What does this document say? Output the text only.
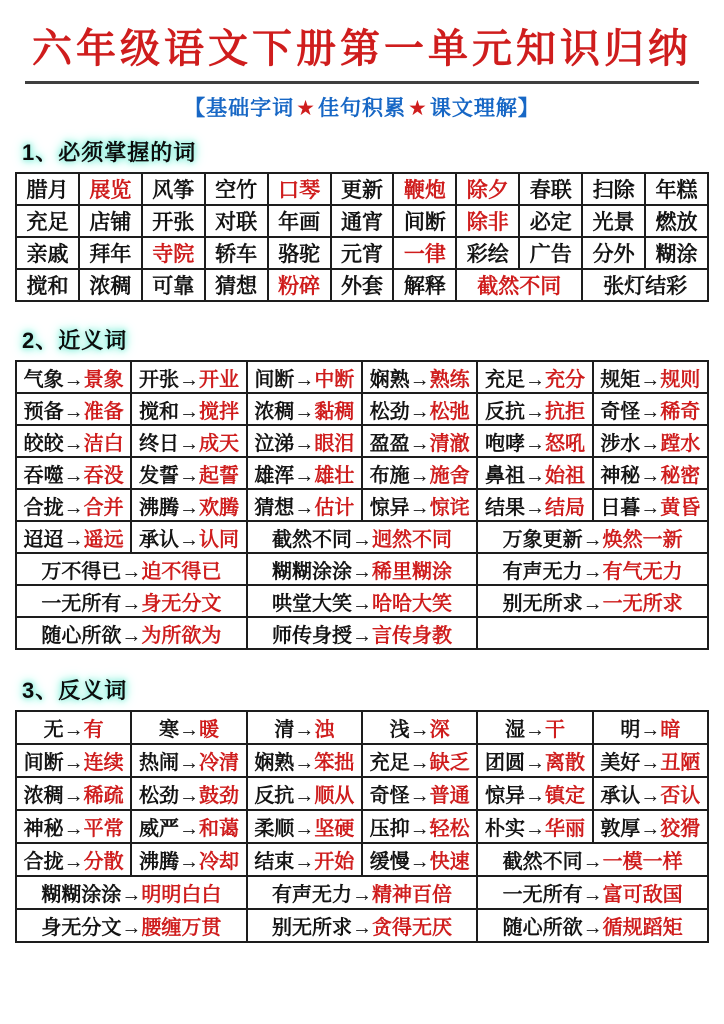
六年级语文下册第一单元知识归纳
【基础字词★佳句积累★课文理解】
1、必须掌握的词
腊月	展览	风筝	空竹	口琴	更新	鞭炮	除夕	春联	扫除	年糕
充足	店铺	开张	对联	年画	通宵	间断	除非	必定	光景	燃放
亲戚	拜年	寺院	轿车	骆驼	元宵	一律	彩绘	广告	分外	糊涂
搅和	浓稠	可靠	猜想	粉碎	外套	解释	截然不同		张灯结彩	
2、近义词
气象→景象	开张→开业	间断→中断	娴熟→熟练	充足→充分	规矩→规则
预备→准备	搅和→搅拌	浓稠→黏稠	松劲→松弛	反抗→抗拒	奇怪→稀奇
皎皎→洁白	终日→成天	泣涕→眼泪	盈盈→清澈	咆哮→怒吼	涉水→蹚水
吞噬→吞没	发誓→起誓	雄浑→雄壮	布施→施舍	鼻祖→始祖	神秘→秘密
合拢→合并	沸腾→欢腾	猜想→估计	惊异→惊诧	结果→结局	日暮→黄昏
迢迢→遥远	承认→认同	截然不同→迥然不同		万象更新→焕然一新	
万不得已→迫不得已		糊糊涂涂→稀里糊涂		有声无力→有气无力	
一无所有→身无分文		哄堂大笑→哈哈大笑		别无所求→一无所求	
随心所欲→为所欲为		师传身授→言传身教			
3、反义词
无→有	寒→暖	清→浊	浅→深	湿→干	明→暗
间断→连续	热闹→冷清	娴熟→笨拙	充足→缺乏	团圆→离散	美好→丑陋
浓稠→稀疏	松劲→鼓劲	反抗→顺从	奇怪→普通	惊异→镇定	承认→否认
神秘→平常	威严→和蔼	柔顺→坚硬	压抑→轻松	朴实→华丽	敦厚→狡猾
合拢→分散	沸腾→冷却	结束→开始	缓慢→快速	截然不同→一模一样	
糊糊涂涂→明明白白		有声无力→精神百倍		一无所有→富可敌国	
身无分文→腰缠万贯		别无所求→贪得无厌		随心所欲→循规蹈矩	
